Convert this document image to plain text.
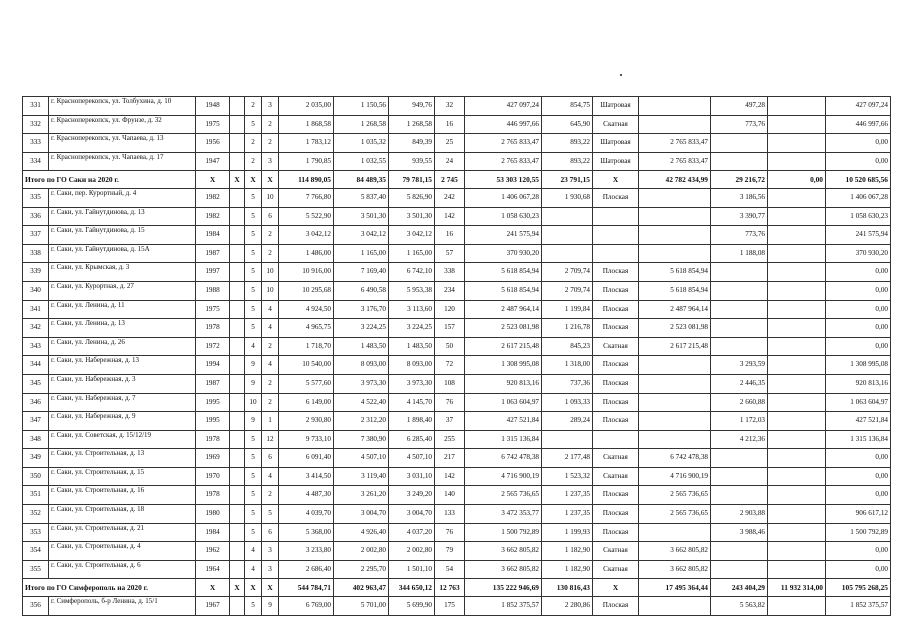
331	г. Красноперекопск, ул. Толбухина, д. 10	1948		2	3	2 035,00	1 150,56	949,76	32	427 097,24	854,75	Шатровая		497,28		427 097,24
332	г. Красноперекопск, ул. Фрунзе, д. 32	1975		5	2	1 868,58	1 268,58	1 268,58	16	446 997,66	645,90	Скатная		773,76		446 997,66
333	г. Красноперекопск, ул. Чапаева, д. 13	1956		2	2	1 783,12	1 035,32	849,39	25	2 765 833,47	893,22	Шатровая	2 765 833,47			0,00
334	г. Красноперекопск, ул. Чапаева, д. 17	1947		2	3	1 790,85	1 032,55	939,55	24	2 765 833,47	893,22	Шатровая	2 765 833,47			0,00
Итого по ГО Саки на 2020 г.		X	X	X	X	114 890,05	84 489,35	79 781,15	2 745	53 303 120,55	23 791,15	X	42 782 434,99	29 216,72	0,00	10 520 685,56
335	г. Саки, пер. Курортный, д. 4	1982		5	10	7 766,80	5 837,40	5 826,90	242	1 406 067,28	1 930,68	Плоская		3 186,56		1 406 067,28
336	г. Саки, ул. Гайнутдинова, д. 13	1982		5	6	5 522,90	3 501,30	3 501,30	142	1 058 630,23				3 390,77		1 058 630,23
337	г. Саки, ул. Гайнутдинова, д. 15	1984		5	2	3 042,12	3 042,12	3 042,12	16	241 575,94				773,76		241 575,94
338	г. Саки, ул. Гайнутдинова, д. 15А	1987		5	2	1 486,00	1 165,00	1 165,00	57	370 930,20				1 188,08		370 930,20
339	г. Саки, ул. Крымская, д. 3	1997		5	10	10 916,00	7 169,40	6 742,10	338	5 618 854,94	2 709,74	Плоская	5 618 854,94			0,00
340	г. Саки, ул. Курортная, д. 27	1988		5	10	10 295,68	6 490,58	5 953,38	234	5 618 854,94	2 709,74	Плоская	5 618 854,94			0,00
341	г. Саки, ул. Ленина, д. 11	1975		5	4	4 924,50	3 176,70	3 113,60	120	2 487 964,14	1 199,84	Плоская	2 487 964,14			0,00
342	г. Саки, ул. Ленина, д. 13	1978		5	4	4 965,75	3 224,25	3 224,25	157	2 523 081,98	1 216,78	Плоская	2 523 081,98			0,00
343	г. Саки, ул. Ленина, д. 26	1972		4	2	1 718,70	1 483,50	1 483,50	50	2 617 215,48	845,23	Скатная	2 617 215,48			0,00
344	г. Саки, ул. Набережная, д. 13	1994		9	4	10 540,00	8 093,00	8 093,00	72	1 308 995,08	1 318,00	Плоская		3 293,59		1 308 995,08
345	г. Саки, ул. Набережная, д. 3	1987		9	2	5 577,60	3 973,30	3 973,30	108	920 813,16	737,36	Плоская		2 446,35		920 813,16
346	г. Саки, ул. Набережная, д. 7	1995		10	2	6 149,00	4 522,40	4 145,70	76	1 063 604,97	1 093,33	Плоская		2 660,88		1 063 604,97
347	г. Саки, ул. Набережная, д. 9	1995		9	1	2 930,80	2 312,20	1 898,40	37	427 521,84	289,24	Плоская		1 172,03		427 521,84
348	г. Саки, ул. Советская, д. 15/12/19	1978		5	12	9 733,10	7 380,90	6 285,40	255	1 315 136,84				4 212,36		1 315 136,84
349	г. Саки, ул. Строительная, д. 13	1969		5	6	6 091,40	4 507,10	4 507,10	217	6 742 478,38	2 177,48	Скатная	6 742 478,38			0,00
350	г. Саки, ул. Строительная, д. 15	1970		5	4	3 414,50	3 119,40	3 031,10	142	4 716 900,19	1 523,32	Скатная	4 716 900,19			0,00
351	г. Саки, ул. Строительная, д. 16	1978		5	2	4 487,30	3 261,20	3 249,20	140	2 565 736,65	1 237,35	Плоская	2 565 736,65			0,00
352	г. Саки, ул. Строительная, д. 18	1980		5	5	4 039,70	3 004,70	3 004,70	133	3 472 353,77	1 237,35	Плоская	2 565 736,65	2 903,88		906 617,12
353	г. Саки, ул. Строительная, д. 21	1984		5	6	5 368,00	4 926,40	4 037,20	76	1 500 792,89	1 199,93	Плоская		3 988,46		1 500 792,89
354	г. Саки, ул. Строительная, д. 4	1962		4	3	3 233,80	2 002,80	2 002,80	79	3 662 805,82	1 182,90	Скатная	3 662 805,82			0,00
355	г. Саки, ул. Строительная, д. 6	1964		4	3	2 686,40	2 295,70	1 501,10	54	3 662 805,82	1 182,90	Скатная	3 662 805,82			0,00
Итого по ГО Симферополь на 2020 г.		X	X	X	X	544 784,71	402 963,47	344 650,12	12 763	135 222 946,69	130 816,43	X	17 495 364,44	243 404,29	11 932 314,00	105 795 268,25
356	г. Симферополь, б-р Ленина, д. 15/1	1967		5	9	6 769,00	5 701,00	5 699,90	175	1 852 375,57	2 280,86	Плоская		5 563,82		1 852 375,57
